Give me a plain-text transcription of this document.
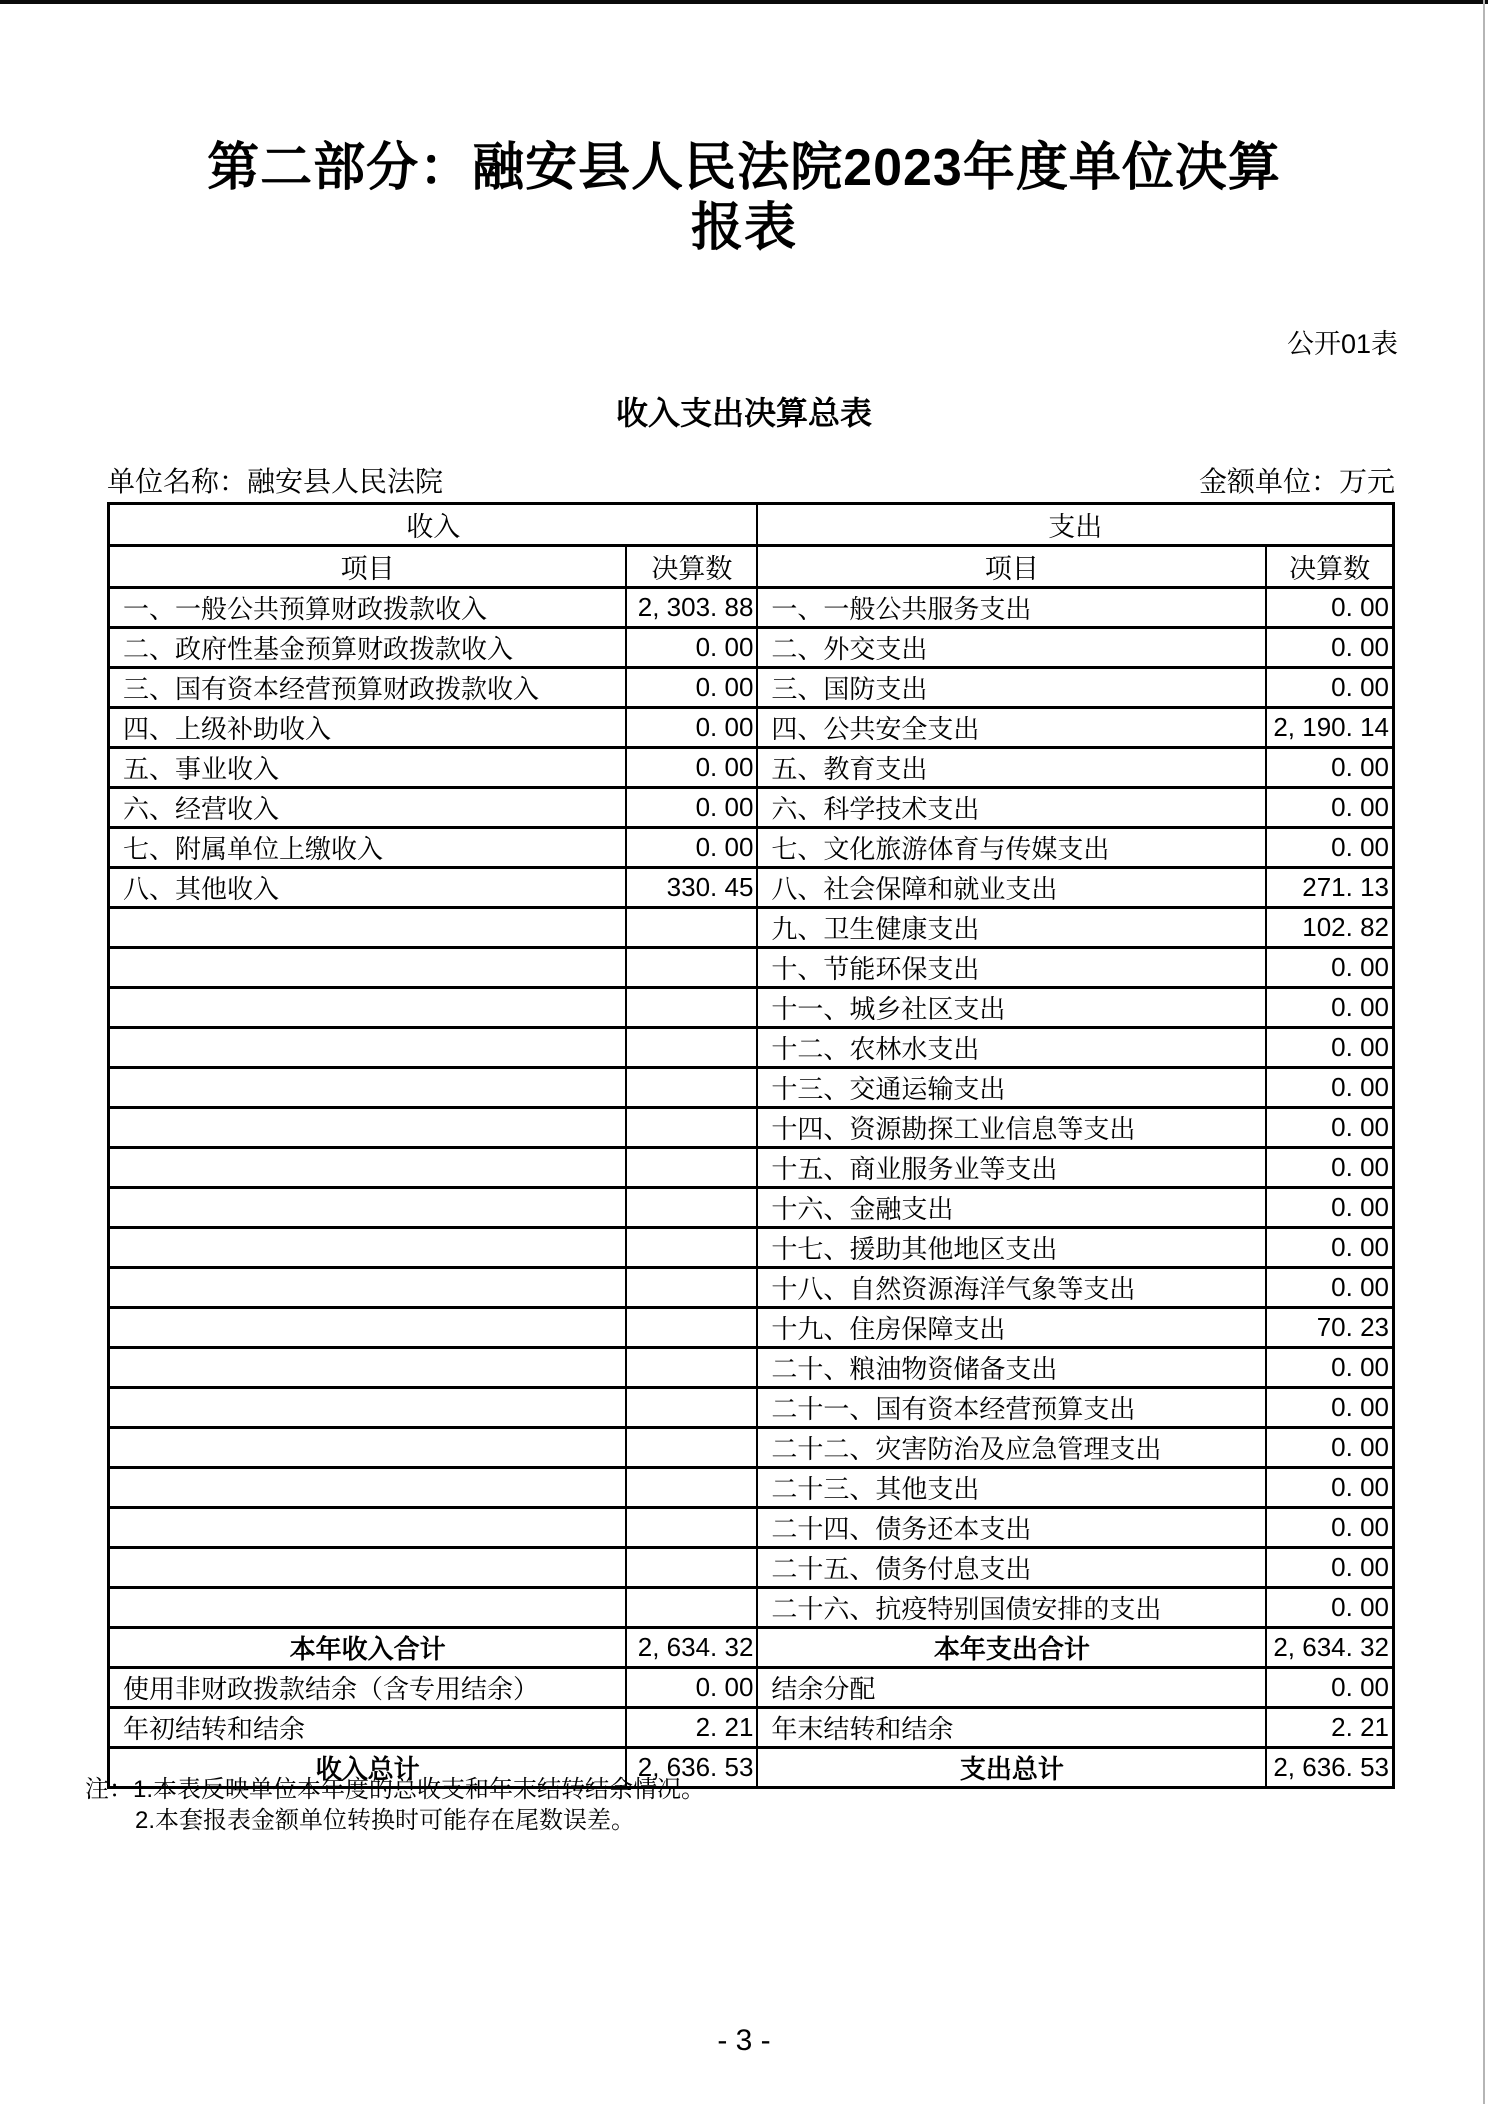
第二部分：融安县人民法院2023年度单位决算报表
公开01表
收入支出决算总表
单位名称：融安县人民法院	金额单位：万元
收入		支出	
项目	决算数	项目	决算数
一、一般公共预算财政拨款收入	2, 303. 88	一、一般公共服务支出	0. 00
二、政府性基金预算财政拨款收入	0. 00	二、外交支出	0. 00
三、国有资本经营预算财政拨款收入	0. 00	三、国防支出	0. 00
四、上级补助收入	0. 00	四、公共安全支出	2, 190. 14
五、事业收入	0. 00	五、教育支出	0. 00
六、经营收入	0. 00	六、科学技术支出	0. 00
七、附属单位上缴收入	0. 00	七、文化旅游体育与传媒支出	0. 00
八、其他收入	330. 45	八、社会保障和就业支出	271. 13
		九、卫生健康支出	102. 82
		十、节能环保支出	0. 00
		十一、城乡社区支出	0. 00
		十二、农林水支出	0. 00
		十三、交通运输支出	0. 00
		十四、资源勘探工业信息等支出	0. 00
		十五、商业服务业等支出	0. 00
		十六、金融支出	0. 00
		十七、援助其他地区支出	0. 00
		十八、自然资源海洋气象等支出	0. 00
		十九、住房保障支出	70. 23
		二十、粮油物资储备支出	0. 00
		二十一、国有资本经营预算支出	0. 00
		二十二、灾害防治及应急管理支出	0. 00
		二十三、其他支出	0. 00
		二十四、债务还本支出	0. 00
		二十五、债务付息支出	0. 00
		二十六、抗疫特别国债安排的支出	0. 00
本年收入合计	2, 634. 32	本年支出合计	2, 634. 32
使用非财政拨款结余（含专用结余）	0. 00	结余分配	0. 00
年初结转和结余	2. 21	年末结转和结余	2. 21
收入总计	2, 636. 53	支出总计	2, 636. 53
注：1.本表反映单位本年度的总收支和年末结转结余情况。
2.本套报表金额单位转换时可能存在尾数误差。
- 3 -
